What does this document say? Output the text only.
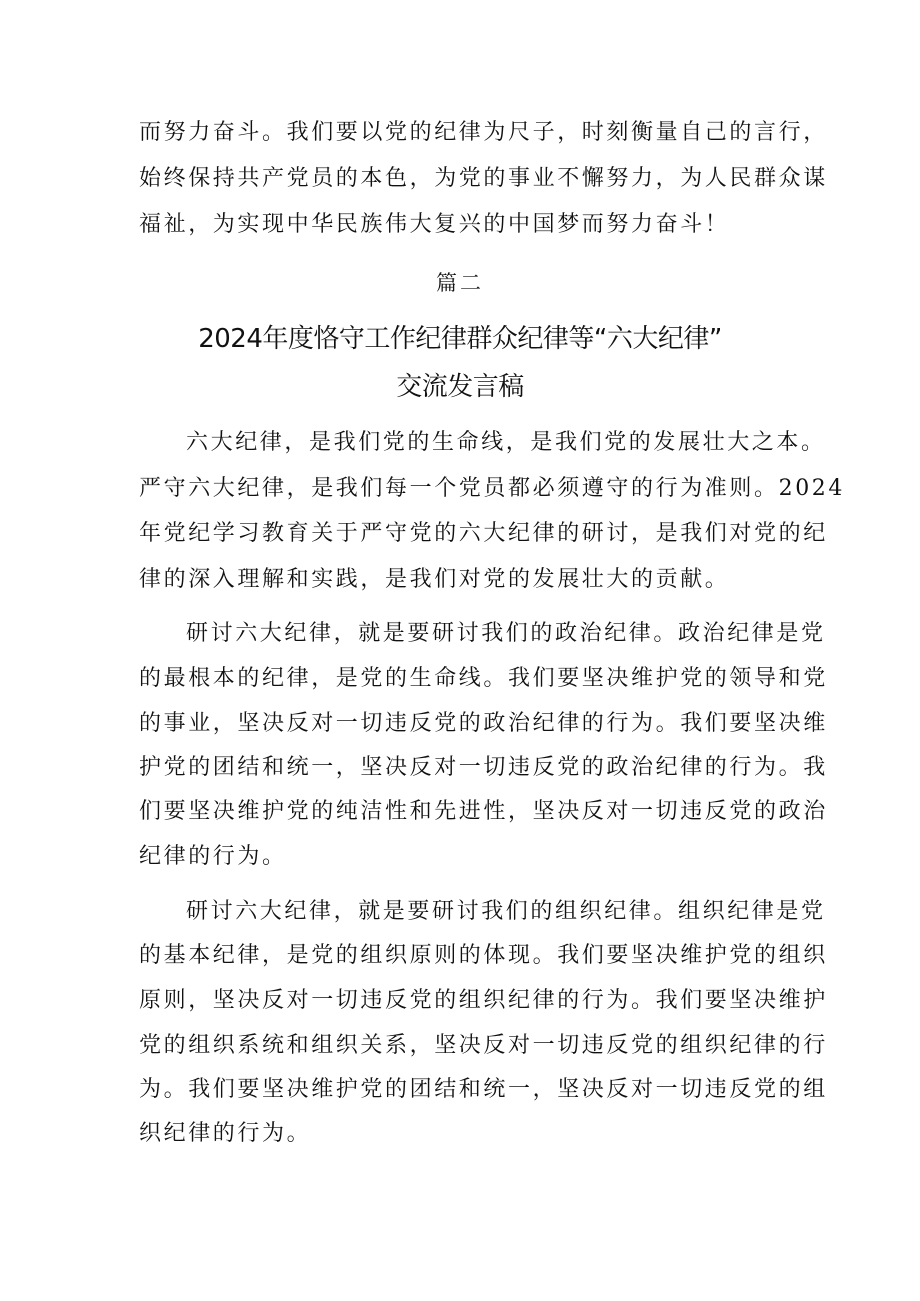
而努力奋斗。我们要以党的纪律为尺子，时刻衡量自己的言行，
始终保持共产党员的本色，为党的事业不懈努力，为人民群众谋
福祉，为实现中华民族伟大复兴的中国梦而努力奋斗！
篇二
2024年度恪守工作纪律群众纪律等“六大纪律”
交流发言稿
六大纪律，是我们党的生命线，是我们党的发展壮大之本。
严守六大纪律，是我们每一个党员都必须遵守的行为准则。2024
年党纪学习教育关于严守党的六大纪律的研讨，是我们对党的纪
律的深入理解和实践，是我们对党的发展壮大的贡献。
研讨六大纪律，就是要研讨我们的政治纪律。政治纪律是党
的最根本的纪律，是党的生命线。我们要坚决维护党的领导和党
的事业，坚决反对一切违反党的政治纪律的行为。我们要坚决维
护党的团结和统一，坚决反对一切违反党的政治纪律的行为。我
们要坚决维护党的纯洁性和先进性，坚决反对一切违反党的政治
纪律的行为。
研讨六大纪律，就是要研讨我们的组织纪律。组织纪律是党
的基本纪律，是党的组织原则的体现。我们要坚决维护党的组织
原则，坚决反对一切违反党的组织纪律的行为。我们要坚决维护
党的组织系统和组织关系，坚决反对一切违反党的组织纪律的行
为。我们要坚决维护党的团结和统一，坚决反对一切违反党的组
织纪律的行为。
